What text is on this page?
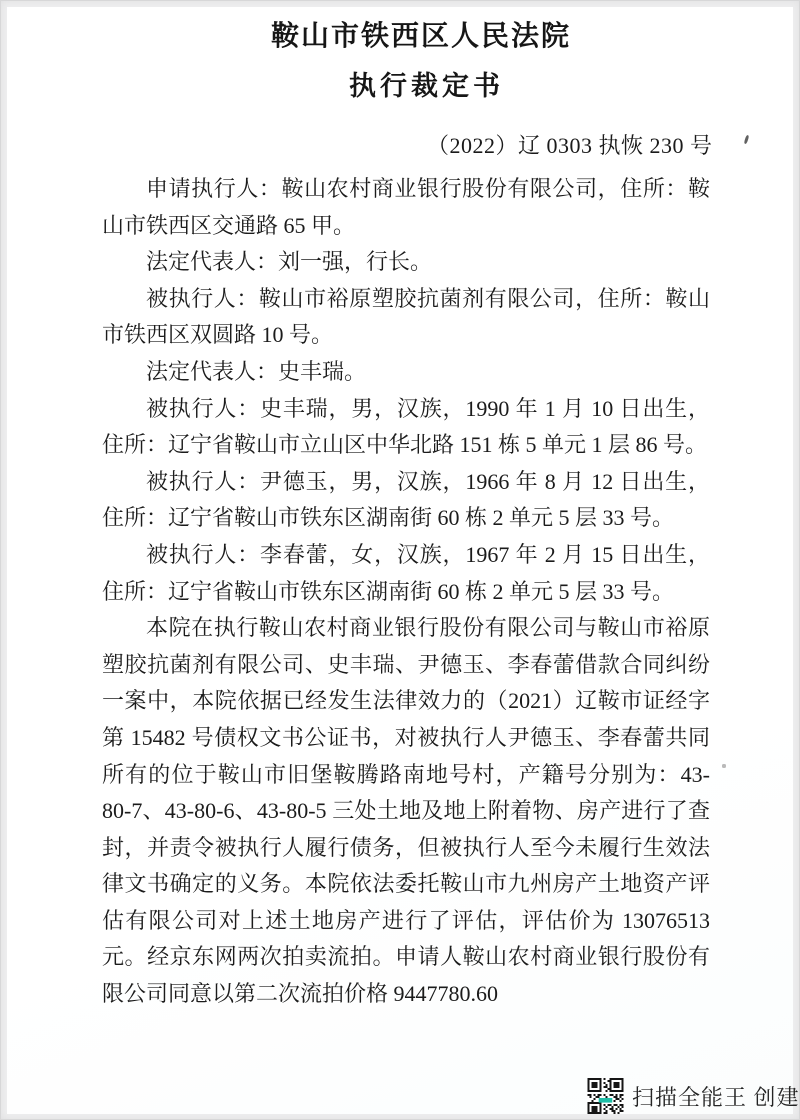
鞍山市铁西区人民法院
执行裁定书
（2022）辽 0303 执恢 230 号

申请执行人：鞍山农村商业银行股份有限公司，住所：鞍山市铁西区交通路 65 甲。

法定代表人：刘一强，行长。

被执行人：鞍山市裕原塑胶抗菌剂有限公司，住所：鞍山市铁西区双圆路 10 号。

法定代表人：史丰瑞。

被执行人：史丰瑞，男，汉族，1990 年 1 月 10 日出生，住所：辽宁省鞍山市立山区中华北路 151 栋 5 单元 1 层 86 号。

被执行人：尹德玉，男，汉族，1966 年 8 月 12 日出生，住所：辽宁省鞍山市铁东区湖南街 60 栋 2 单元 5 层 33 号。

被执行人：李春蕾，女，汉族，1967 年 2 月 15 日出生，住所：辽宁省鞍山市铁东区湖南街 60 栋 2 单元 5 层 33 号。

本院在执行鞍山农村商业银行股份有限公司与鞍山市裕原塑胶抗菌剂有限公司、史丰瑞、尹德玉、李春蕾借款合同纠纷一案中，本院依据已经发生法律效力的（2021）辽鞍市证经字第 15482 号债权文书公证书，对被执行人尹德玉、李春蕾共同所有的位于鞍山市旧堡鞍腾路南地号村，产籍号分别为：43-80-7、43-80-6、43-80-5 三处土地及地上附着物、房产进行了查封，并责令被执行人履行债务，但被执行人至今未履行生效法律文书确定的义务。本院依法委托鞍山市九州房产土地资产评估有限公司对上述土地房产进行了评估，评估价为 13076513 元。经京东网两次拍卖流拍。申请人鞍山农村商业银行股份有限公司同意以第二次流拍价格 9447780.60

扫描全能王 创建
